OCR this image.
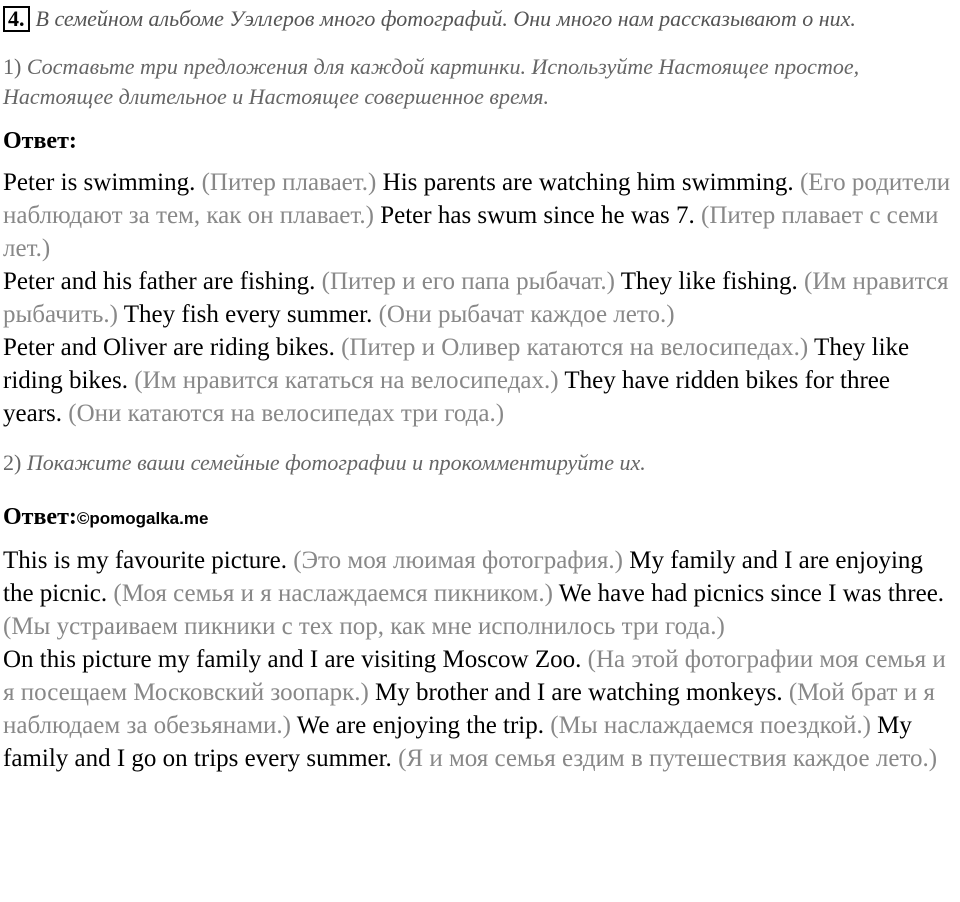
4. В семейном альбоме Уэллеров много фотографий. Они много нам рассказывают о них.
1) Составьте три предложения для каждой картинки. Используйте Настоящее простое, Настоящее длительное и Настоящее совершенное время.
Ответ:
Peter is swimming. (Питер плавает.) His parents are watching him swimming. (Его родители наблюдают за тем, как он плавает.) Peter has swum since he was 7. (Питер плавает с семи лет.)
Peter and his father are fishing. (Питер и его папа рыбачат.) They like fishing. (Им нравится рыбачить.) They fish every summer. (Они рыбачат каждое лето.)
Peter and Oliver are riding bikes. (Питер и Оливер катаются на велосипедах.) They like riding bikes. (Им нравится кататься на велосипедах.) They have ridden bikes for three years. (Они катаются на велосипедах три года.)
2) Покажите ваши семейные фотографии и прокомментируйте их.
Ответ:©pomogalka.me
This is my favourite picture. (Это моя люимая фотография.) My family and I are enjoying the picnic. (Моя семья и я наслаждаемся пикником.) We have had picnics since I was three. (Мы устраиваем пикники с тех пор, как мне исполнилось три года.)
On this picture my family and I are visiting Moscow Zoo. (На этой фотографии моя семья и я посещаем Московский зоопарк.) My brother and I are watching monkeys. (Мой брат и я наблюдаем за обезьянами.) We are enjoying the trip. (Мы наслаждаемся поездкой.) My family and I go on trips every summer. (Я и моя семья ездим в путешествия каждое лето.)
